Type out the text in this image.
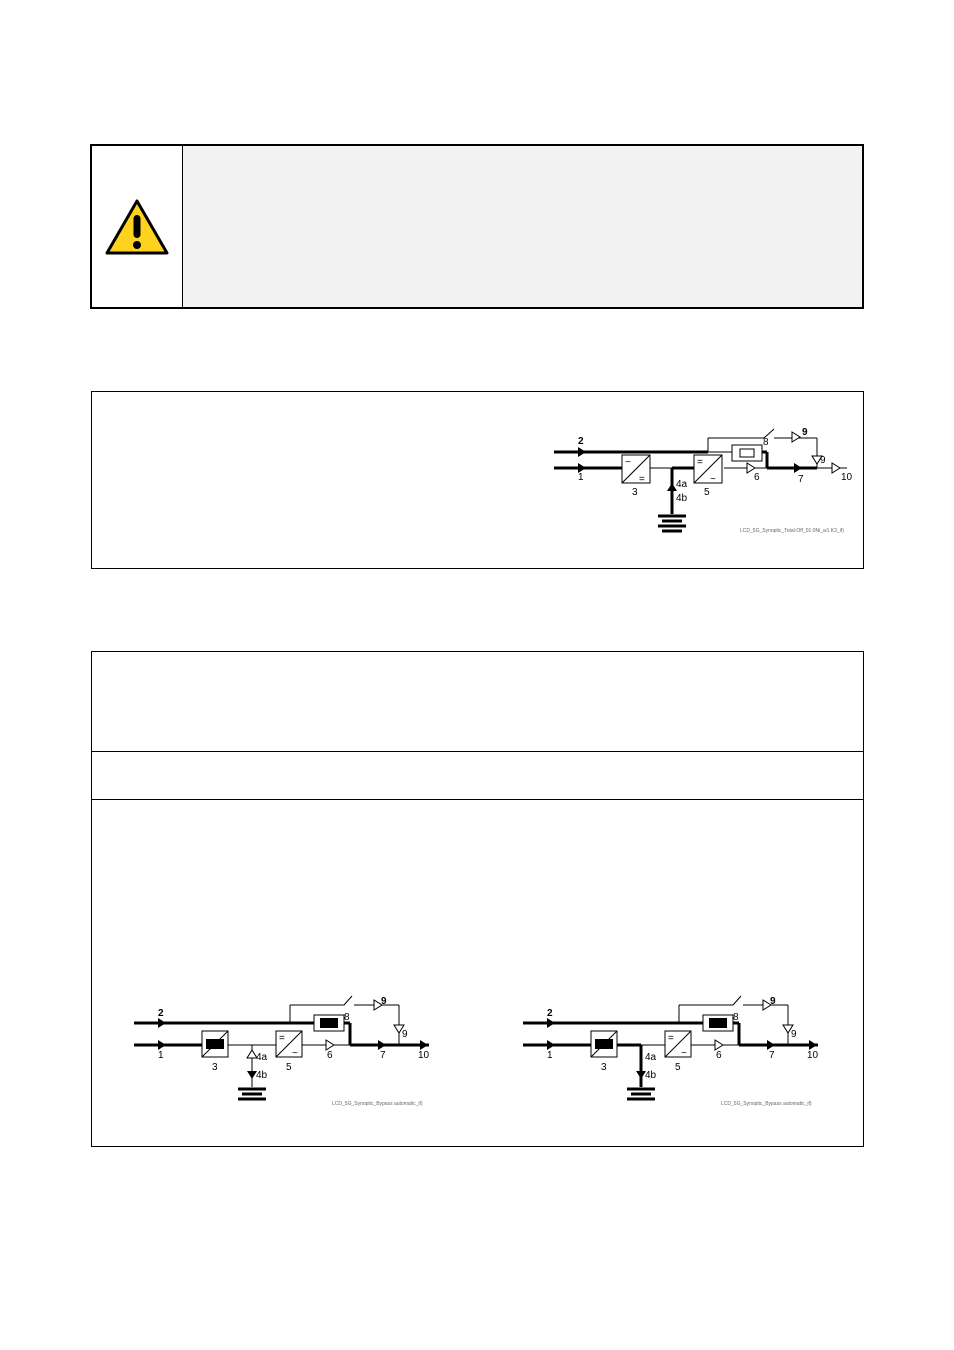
~
=
=
~
2
1
3
4a
4b
5
6	7
8
9
9
10
LCD_5G_Synoptic_Total-Off_01:0Ni_w1 K3_if)
=
~
2
1
3
4a
4b
5
6	7
8
9
9
10
LCD_5G_Synoptic_Bypass automatic_if)
=
~
2
1
3
4a
4b
5
6	7
8
9
9
10
LCD_5G_Synoptic_Bypass automatic_if)
